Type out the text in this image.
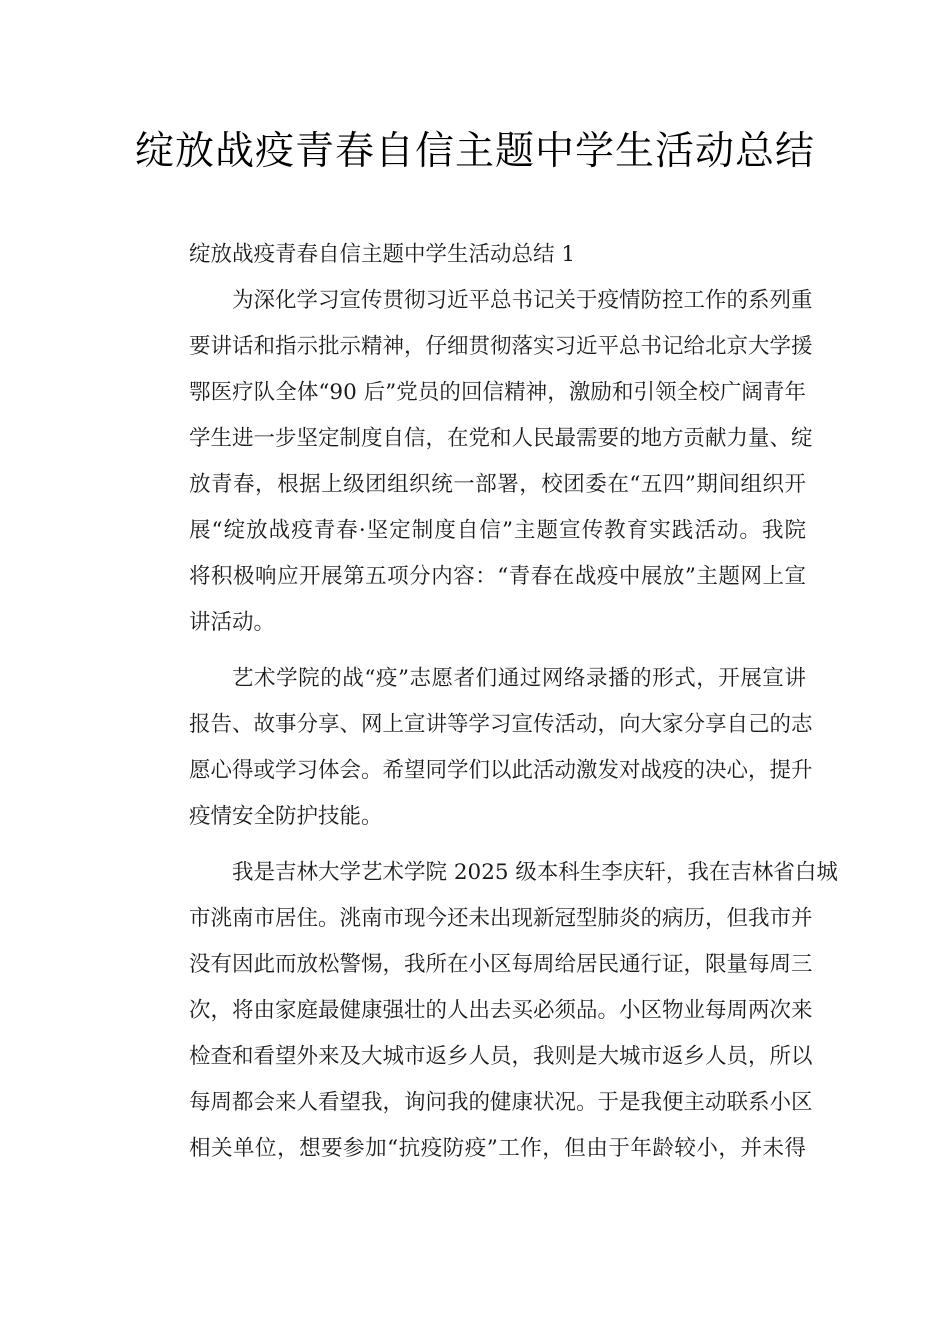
绽放战疫青春自信主题中学生活动总结

绽放战疫青春自信主题中学生活动总结 1

为深化学习宣传贯彻习近平总书记关于疫情防控工作的系列重
要讲话和指示批示精神，仔细贯彻落实习近平总书记给北京大学援
鄂医疗队全体“90 后”党员的回信精神，激励和引领全校广阔青年
学生进一步坚定制度自信，在党和人民最需要的地方贡献力量、绽
放青春，根据上级团组织统一部署，校团委在“五四”期间组织开
展“绽放战疫青春·坚定制度自信”主题宣传教育实践活动。我院
将积极响应开展第五项分内容：“青春在战疫中展放”主题网上宣
讲活动。
艺术学院的战“疫”志愿者们通过网络录播的形式，开展宣讲
报告、故事分享、网上宣讲等学习宣传活动，向大家分享自己的志
愿心得或学习体会。希望同学们以此活动激发对战疫的决心，提升
疫情安全防护技能。
我是吉林大学艺术学院 2025 级本科生李庆轩，我在吉林省白城
市洮南市居住。洮南市现今还未出现新冠型肺炎的病历，但我市并
没有因此而放松警惕，我所在小区每周给居民通行证，限量每周三
次，将由家庭最健康强壮的人出去买必须品。小区物业每周两次来
检查和看望外来及大城市返乡人员，我则是大城市返乡人员，所以
每周都会来人看望我，询问我的健康状况。于是我便主动联系小区
相关单位，想要参加“抗疫防疫”工作，但由于年龄较小，并未得
